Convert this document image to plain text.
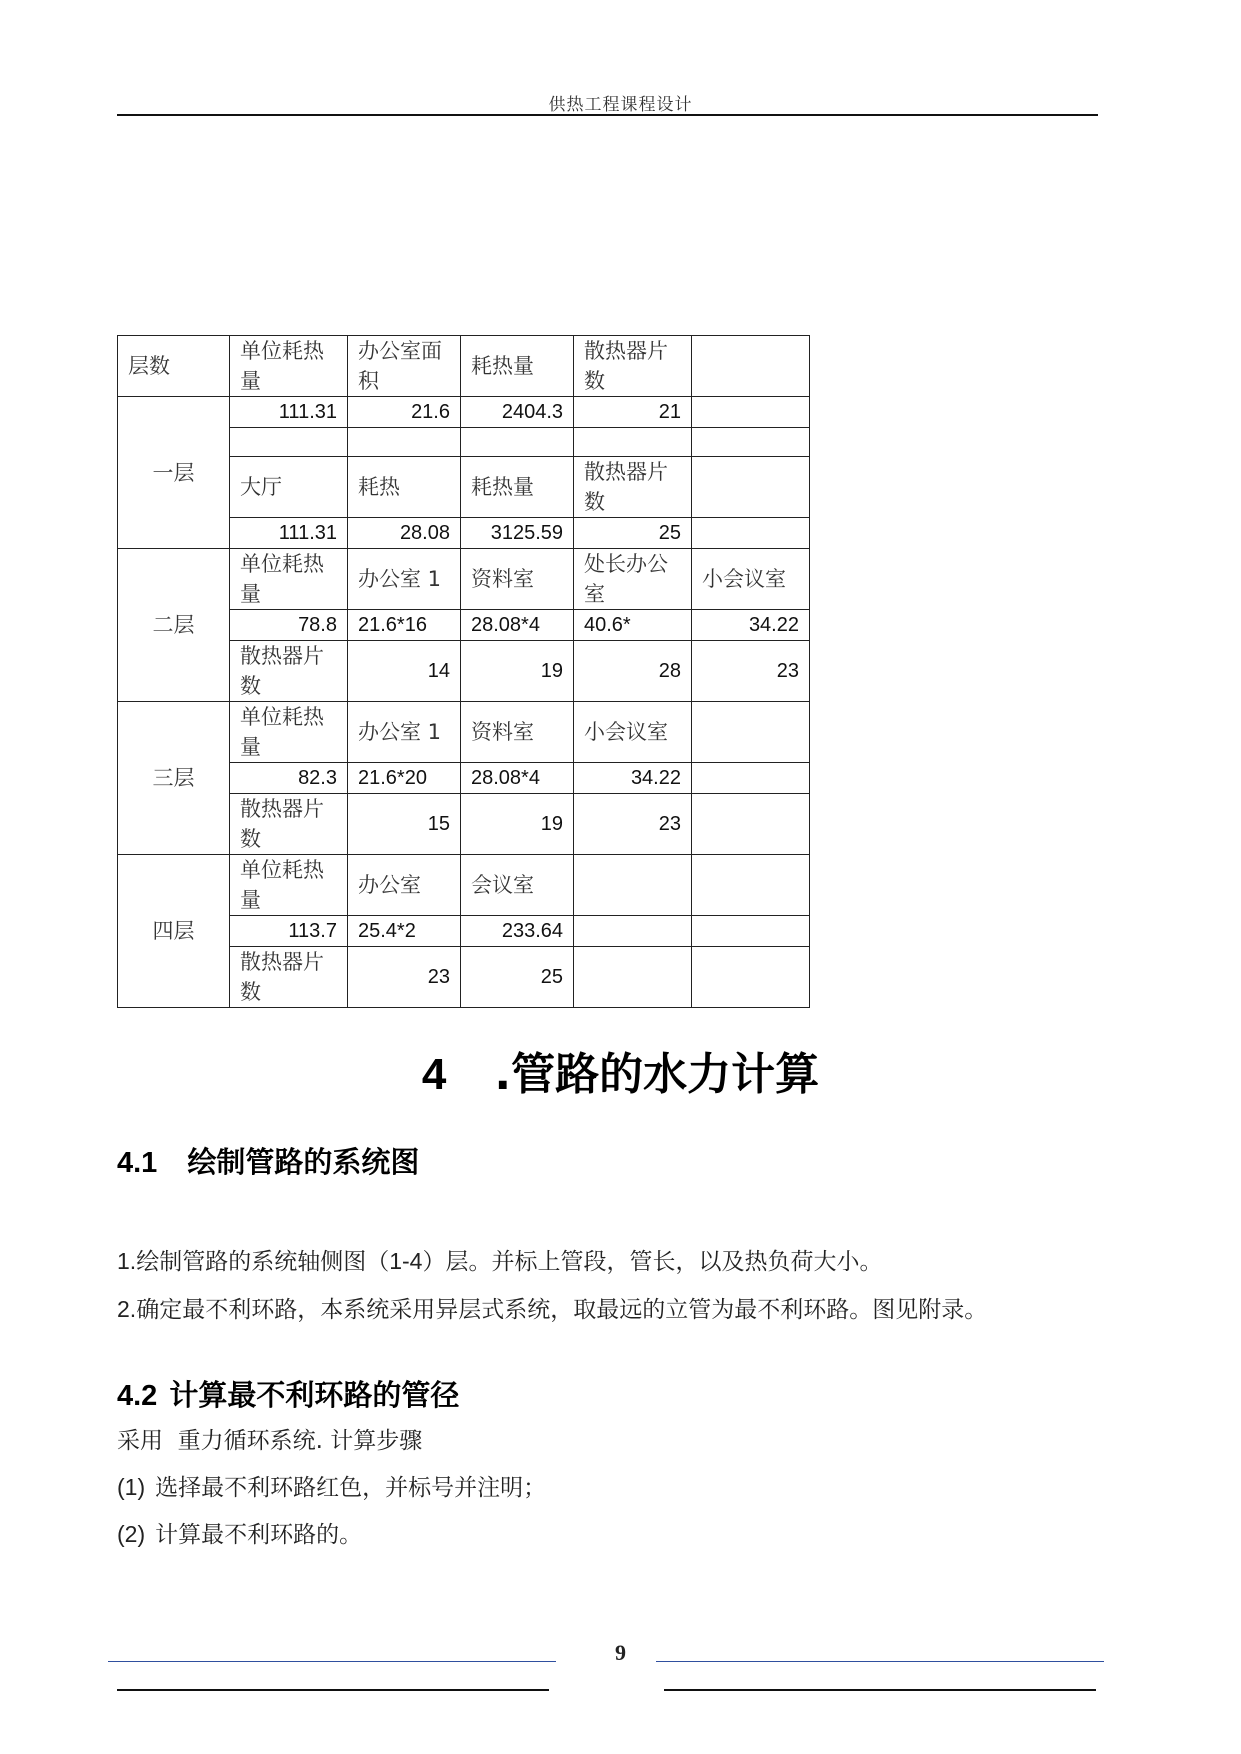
供热工程课程设计
层数	单位耗热量	办公室面积	耗热量	散热器片数	
一层	111.31	21.6	2404.3	21	

	大厅	耗热	耗热量	散热器片数	
	111.31	28.08	3125.59	25	
二层	单位耗热量	办公室 1	资料室	处长办公室	小会议室
	78.8	21.6*16	28.08*4	40.6*	34.22
	散热器片数	14	19	28	23
三层	单位耗热量	办公室 1	资料室	小会议室	
	82.3	21.6*20	28.08*4	34.22	
	散热器片数	15	19	23	
四层	单位耗热量	办公室	会议室		
	113.7	25.4*2	233.64		
	散热器片数	23	25		
4 .管路的水力计算
4.1 绘制管路的系统图
1.绘制管路的系统轴侧图（1-4）层。并标上管段，管长，以及热负荷大小。
2.确定最不利环路，本系统采用异层式系统，取最远的立管为最不利环路。图见附录。
4.2 计算最不利环路的管径
采用  重力循环系统. 计算步骤
(1) 选择最不利环路红色，并标号并注明；
(2) 计算最不利环路的。
9
